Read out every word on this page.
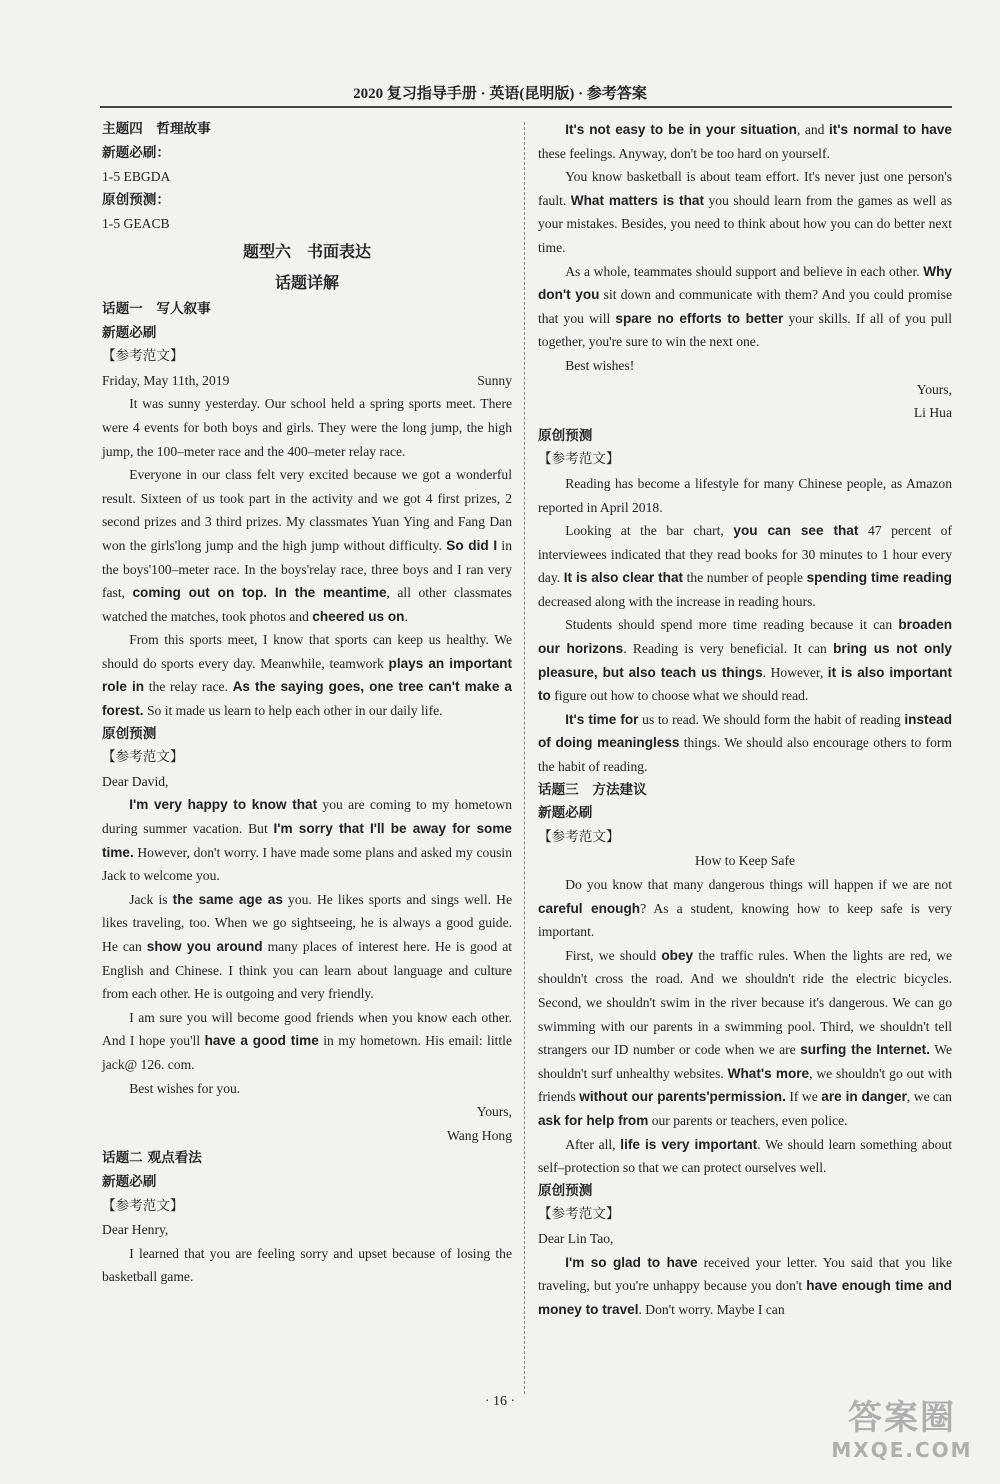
2020 复习指导手册 · 英语(昆明版) · 参考答案

主题四　哲理故事

新题必刷：

1-5 EBGDA

原创预测：

1-5 GEACB

题型六　书面表达

话题详解

话题一　写人叙事

新题必刷

【参考范文】

Friday, May 11th, 2019	Sunny

It was sunny yesterday. Our school held a spring sports meet. There were 4 events for both boys and girls. They were the long jump, the high jump, the 100–meter race and the 400–meter relay race.

Everyone in our class felt very excited because we got a wonderful result. Sixteen of us took part in the activity and we got 4 first prizes, 2 second prizes and 3 third prizes. My classmates Yuan Ying and Fang Dan won the girls'long jump and the high jump without difficulty. So did I in the boys'100–meter race. In the boys'relay race, three boys and I ran very fast, coming out on top. In the meantime, all other classmates watched the matches, took photos and cheered us on.

From this sports meet, I know that sports can keep us healthy. We should do sports every day. Meanwhile, teamwork plays an important role in the relay race. As the saying goes, one tree can't make a forest. So it made us learn to help each other in our daily life.

原创预测

【参考范文】

Dear David,

I'm very happy to know that you are coming to my hometown during summer vacation. But I'm sorry that I'll be away for some time. However, don't worry. I have made some plans and asked my cousin Jack to welcome you.

Jack is the same age as you. He likes sports and sings well. He likes traveling, too. When we go sightseeing, he is always a good guide. He can show you around many places of interest here. He is good at English and Chinese. I think you can learn about language and culture from each other. He is outgoing and very friendly.

I am sure you will become good friends when you know each other. And I hope you'll have a good time in my hometown. His email: little jack@ 126. com.

Best wishes for you.

Yours,

Wang Hong

话题二 观点看法

新题必刷

【参考范文】

Dear Henry,

I learned that you are feeling sorry and upset because of losing the basketball game.

It's not easy to be in your situation, and it's normal to have these feelings. Anyway, don't be too hard on yourself.

You know basketball is about team effort. It's never just one person's fault. What matters is that you should learn from the games as well as your mistakes. Besides, you need to think about how you can do better next time.

As a whole, teammates should support and believe in each other. Why don't you sit down and communicate with them? And you could promise that you will spare no efforts to better your skills. If all of you pull together, you're sure to win the next one.

Best wishes!

Yours,

Li Hua

原创预测

【参考范文】

Reading has become a lifestyle for many Chinese people, as Amazon reported in April 2018.

Looking at the bar chart, you can see that 47 percent of interviewees indicated that they read books for 30 minutes to 1 hour every day. It is also clear that the number of people spending time reading decreased along with the increase in reading hours.

Students should spend more time reading because it can broaden our horizons. Reading is very beneficial. It can bring us not only pleasure, but also teach us things. However, it is also important to figure out how to choose what we should read.

It's time for us to read. We should form the habit of reading instead of doing meaningless things. We should also encourage others to form the habit of reading.

话题三　方法建议

新题必刷

【参考范文】

How to Keep Safe

Do you know that many dangerous things will happen if we are not careful enough? As a student, knowing how to keep safe is very important.

First, we should obey the traffic rules. When the lights are red, we shouldn't cross the road. And we shouldn't ride the electric bicycles. Second, we shouldn't swim in the river because it's dangerous. We can go swimming with our parents in a swimming pool. Third, we shouldn't tell strangers our ID number or code when we are surfing the Internet. We shouldn't surf unhealthy websites. What's more, we shouldn't go out with friends without our parents'permission. If we are in danger, we can ask for help from our parents or teachers, even police.

After all, life is very important. We should learn something about self–protection so that we can protect ourselves well.

原创预测

【参考范文】

Dear Lin Tao,

I'm so glad to have received your letter. You said that you like traveling, but you're unhappy because you don't have enough time and money to travel. Don't worry. Maybe I can

· 16 ·	答案圈
MXQE.COM
